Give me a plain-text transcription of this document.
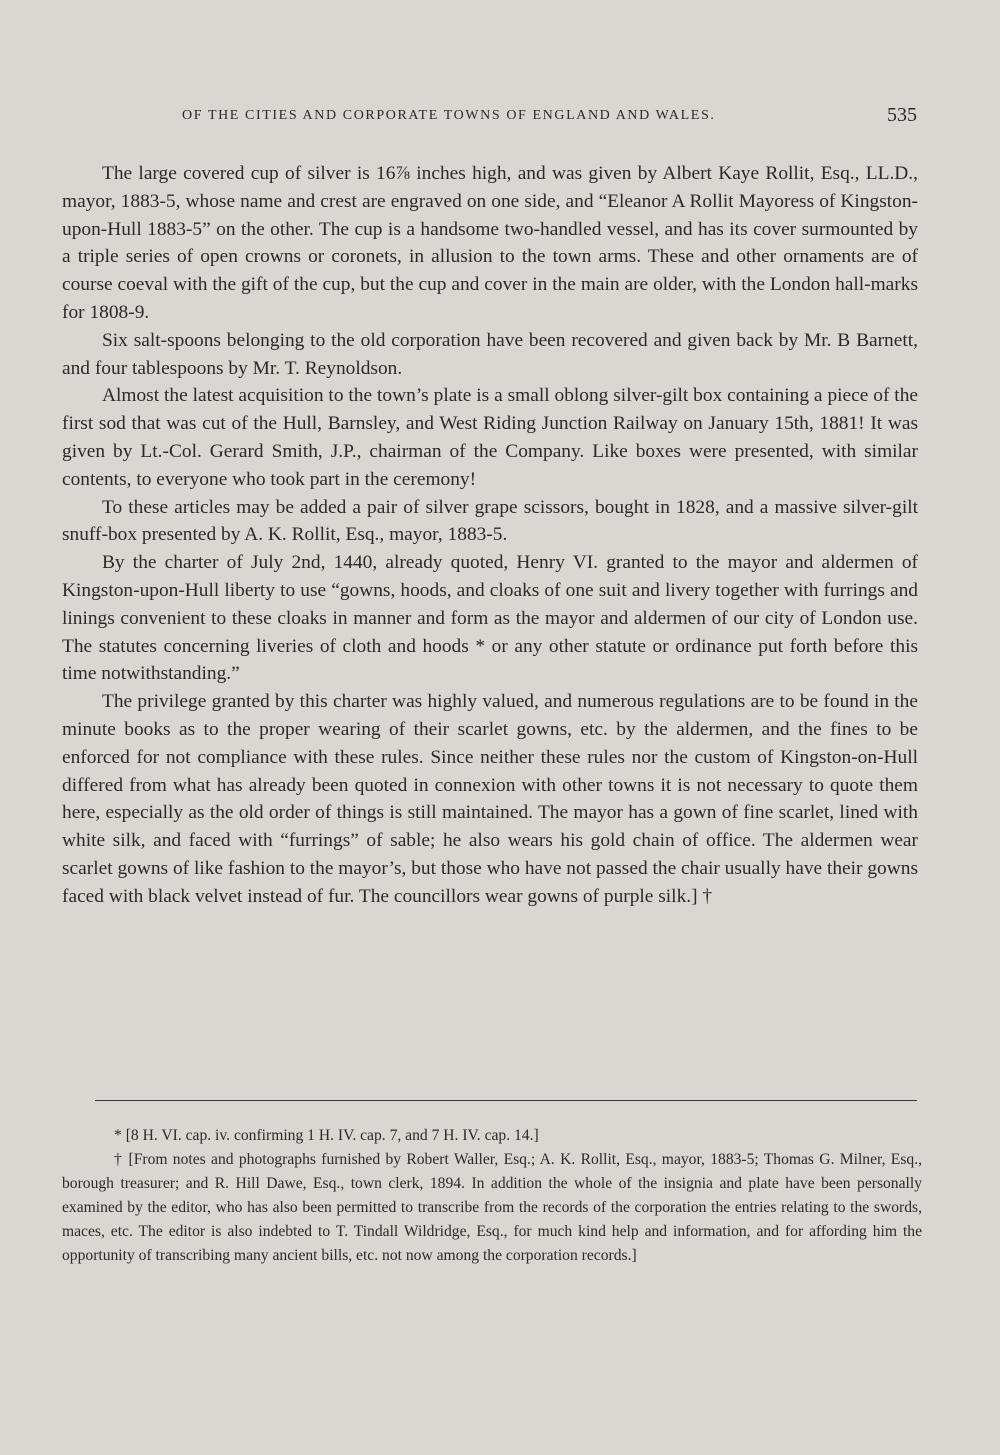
OF THE CITIES AND CORPORATE TOWNS OF ENGLAND AND WALES.	535

The large covered cup of silver is 16⅞ inches high, and was given by Albert Kaye Rollit, Esq., LL.D., mayor, 1883-5, whose name and crest are engraved on one side, and “Eleanor A Rollit Mayoress of Kingston-upon-Hull 1883-5” on the other. The cup is a handsome two-handled vessel, and has its cover surmounted by a triple series of open crowns or coronets, in allusion to the town arms. These and other ornaments are of course coeval with the gift of the cup, but the cup and cover in the main are older, with the London hall-marks for 1808-9.

Six salt-spoons belonging to the old corporation have been recovered and given back by Mr. B Barnett, and four tablespoons by Mr. T. Reynoldson.

Almost the latest acquisition to the town’s plate is a small oblong silver-gilt box containing a piece of the first sod that was cut of the Hull, Barnsley, and West Riding Junction Railway on January 15th, 1881! It was given by Lt.-Col. Gerard Smith, J.P., chairman of the Company. Like boxes were presented, with similar contents, to everyone who took part in the ceremony!

To these articles may be added a pair of silver grape scissors, bought in 1828, and a massive silver-gilt snuff-box presented by A. K. Rollit, Esq., mayor, 1883-5.

By the charter of July 2nd, 1440, already quoted, Henry VI. granted to the mayor and aldermen of Kingston-upon-Hull liberty to use “gowns, hoods, and cloaks of one suit and livery together with furrings and linings convenient to these cloaks in manner and form as the mayor and aldermen of our city of London use. The statutes concerning liveries of cloth and hoods * or any other statute or ordinance put forth before this time notwithstanding.”

The privilege granted by this charter was highly valued, and numerous regulations are to be found in the minute books as to the proper wearing of their scarlet gowns, etc. by the aldermen, and the fines to be enforced for not compliance with these rules. Since neither these rules nor the custom of Kingston-on-Hull differed from what has already been quoted in connexion with other towns it is not necessary to quote them here, especially as the old order of things is still maintained. The mayor has a gown of fine scarlet, lined with white silk, and faced with “furrings” of sable; he also wears his gold chain of office. The aldermen wear scarlet gowns of like fashion to the mayor’s, but those who have not passed the chair usually have their gowns faced with black velvet instead of fur. The councillors wear gowns of purple silk.] †

* [8 H. VI. cap. iv. confirming 1 H. IV. cap. 7, and 7 H. IV. cap. 14.]

† [From notes and photographs furnished by Robert Waller, Esq.; A. K. Rollit, Esq., mayor, 1883-5; Thomas G. Milner, Esq., borough treasurer; and R. Hill Dawe, Esq., town clerk, 1894. In addition the whole of the insignia and plate have been personally examined by the editor, who has also been permitted to transcribe from the records of the corporation the entries relating to the swords, maces, etc. The editor is also indebted to T. Tindall Wildridge, Esq., for much kind help and information, and for affording him the opportunity of transcribing many ancient bills, etc. not now among the corporation records.]
